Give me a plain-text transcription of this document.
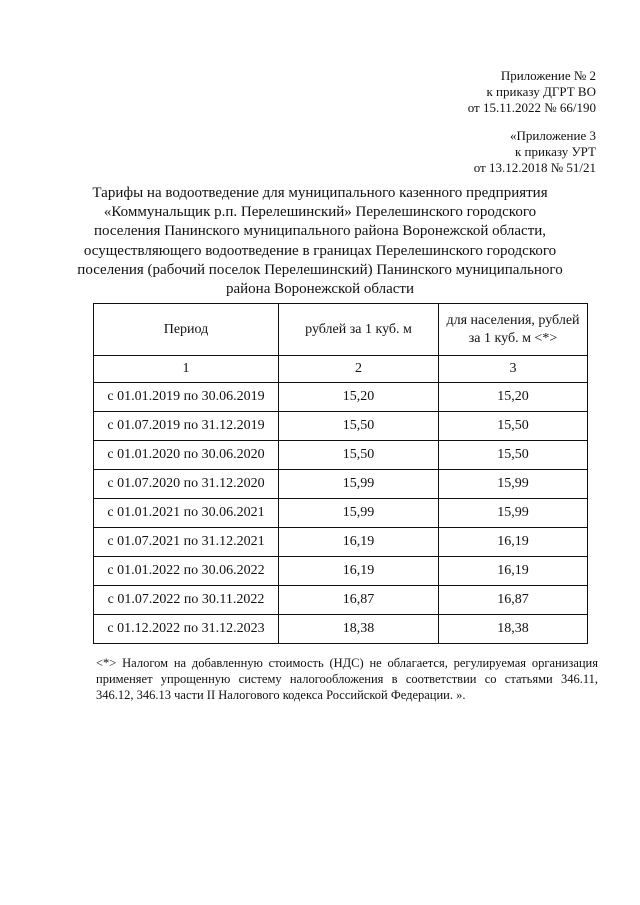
Приложение № 2
к приказу ДГРТ ВО
от 15.11.2022 № 66/190
«Приложение 3
к приказу УРТ
от 13.12.2018 № 51/21
Тарифы на водоотведение для муниципального казенного предприятия
«Коммунальщик р.п. Перелешинский» Перелешинского городского
поселения Панинского муниципального района Воронежской области,
осуществляющего водоотведение в границах Перелешинского городского
поселения (рабочий поселок Перелешинский) Панинского муниципального
района Воронежской области
Период	рублей за 1 куб. м	для населения, рублей
за 1 куб. м <*>

1	2	3
с 01.01.2019 по 30.06.2019	15,20	15,20
с 01.07.2019 по 31.12.2019	15,50	15,50
с 01.01.2020 по 30.06.2020	15,50	15,50
с 01.07.2020 по 31.12.2020	15,99	15,99
с 01.01.2021 по 30.06.2021	15,99	15,99
с 01.07.2021 по 31.12.2021	16,19	16,19
с 01.01.2022 по 30.06.2022	16,19	16,19
с 01.07.2022 по 30.11.2022	16,87	16,87
с 01.12.2022 по 31.12.2023	18,38	18,38
<*> Налогом на добавленную стоимость (НДС) не облагается, регулируемая организация
применяет упрощенную систему налогообложения в соответствии со статьями 346.11,
346.12, 346.13 части II Налогового кодекса Российской Федерации. ».
